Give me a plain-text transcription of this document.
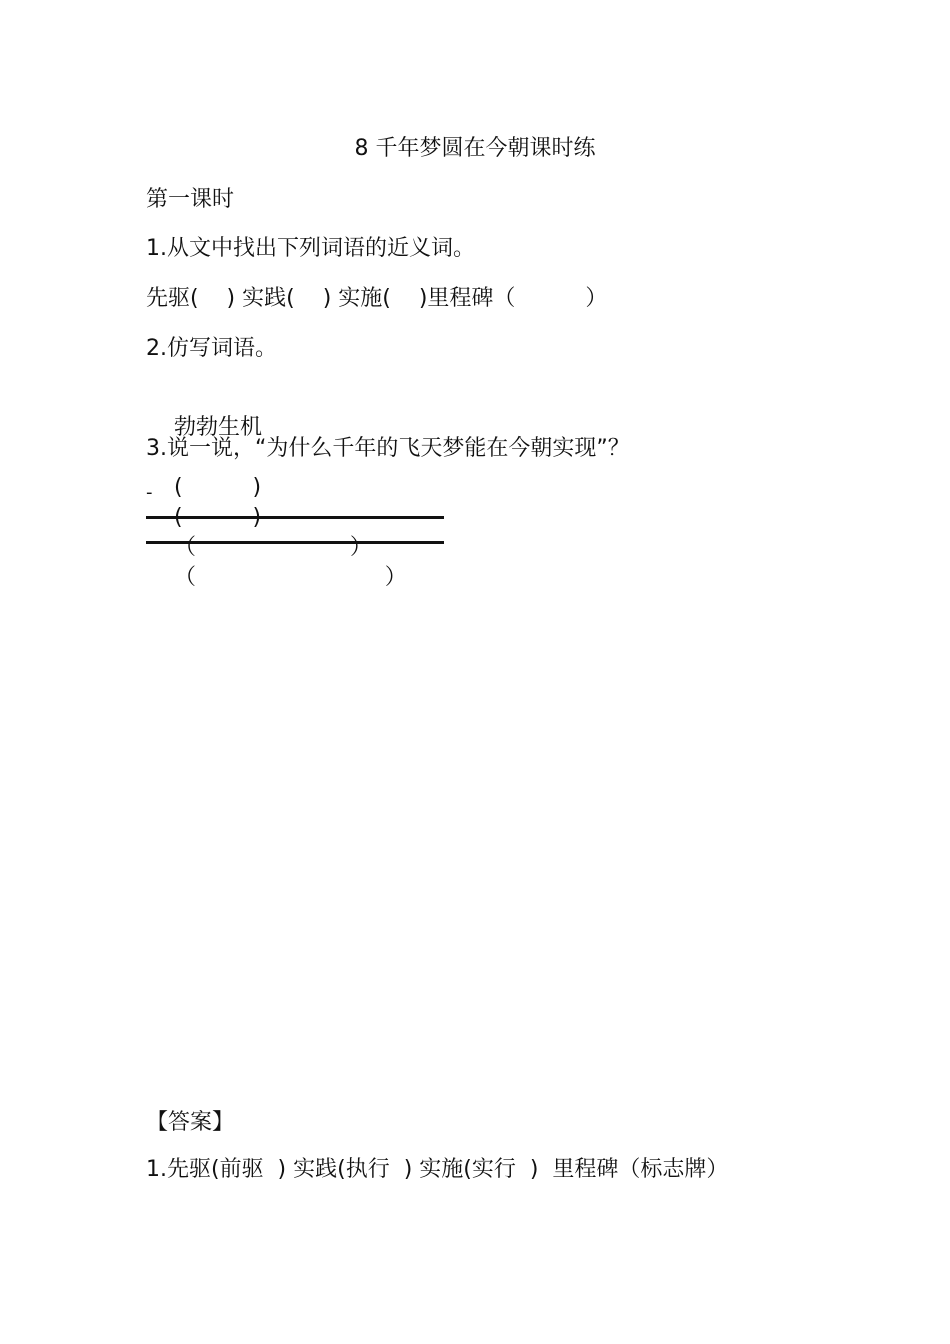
8 千年梦圆在今朝课时练
第一课时
1.从文中找出下列词语的近义词。
先驱(    ) 实践(    ) 实施(    )里程碑（          ）
2.仿写词语。

勃勃生机

(          )
(          )
（                      ）
（                           ）

3.说一说，“为什么千年的飞天梦能在今朝实现”？
-
【答案】
1.先驱(前驱  ) 实践(执行  ) 实施(实行  )  里程碑（标志牌）
